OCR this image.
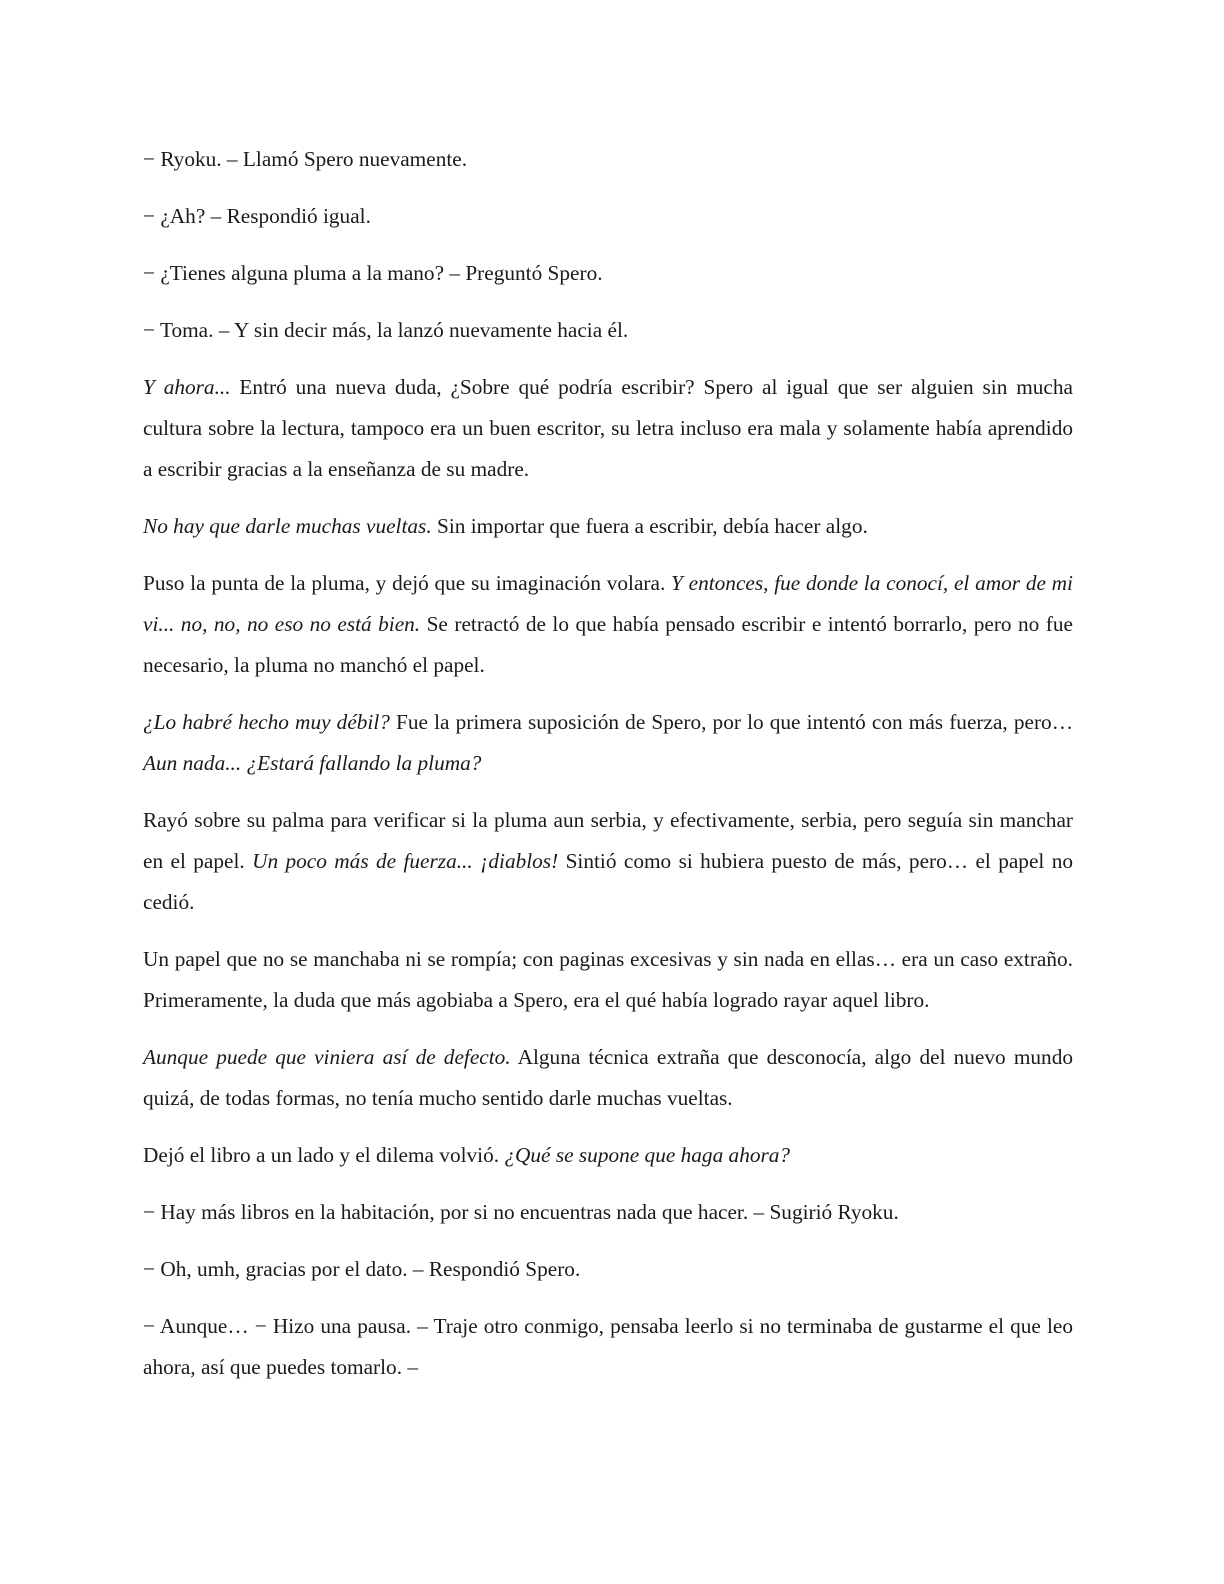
− Ryoku. – Llamó Spero nuevamente.

− ¿Ah? – Respondió igual.

− ¿Tienes alguna pluma a la mano? – Preguntó Spero.

− Toma. – Y sin decir más, la lanzó nuevamente hacia él.

Y ahora... Entró una nueva duda, ¿Sobre qué podría escribir? Spero al igual que ser alguien sin mucha cultura sobre la lectura, tampoco era un buen escritor, su letra incluso era mala y solamente había aprendido a escribir gracias a la enseñanza de su madre.

No hay que darle muchas vueltas. Sin importar que fuera a escribir, debía hacer algo.

Puso la punta de la pluma, y dejó que su imaginación volara. Y entonces, fue donde la conocí, el amor de mi vi... no, no, no eso no está bien. Se retractó de lo que había pensado escribir e intentó borrarlo, pero no fue necesario, la pluma no manchó el papel.

¿Lo habré hecho muy débil? Fue la primera suposición de Spero, por lo que intentó con más fuerza, pero… Aun nada... ¿Estará fallando la pluma?

Rayó sobre su palma para verificar si la pluma aun serbia, y efectivamente, serbia, pero seguía sin manchar en el papel. Un poco más de fuerza... ¡diablos! Sintió como si hubiera puesto de más, pero… el papel no cedió.

Un papel que no se manchaba ni se rompía; con paginas excesivas y sin nada en ellas… era un caso extraño. Primeramente, la duda que más agobiaba a Spero, era el qué había logrado rayar aquel libro.

Aunque puede que viniera así de defecto. Alguna técnica extraña que desconocía, algo del nuevo mundo quizá, de todas formas, no tenía mucho sentido darle muchas vueltas.

Dejó el libro a un lado y el dilema volvió. ¿Qué se supone que haga ahora?

− Hay más libros en la habitación, por si no encuentras nada que hacer. – Sugirió Ryoku.

− Oh, umh, gracias por el dato. – Respondió Spero.

− Aunque… − Hizo una pausa. – Traje otro conmigo, pensaba leerlo si no terminaba de gustarme el que leo ahora, así que puedes tomarlo. –
